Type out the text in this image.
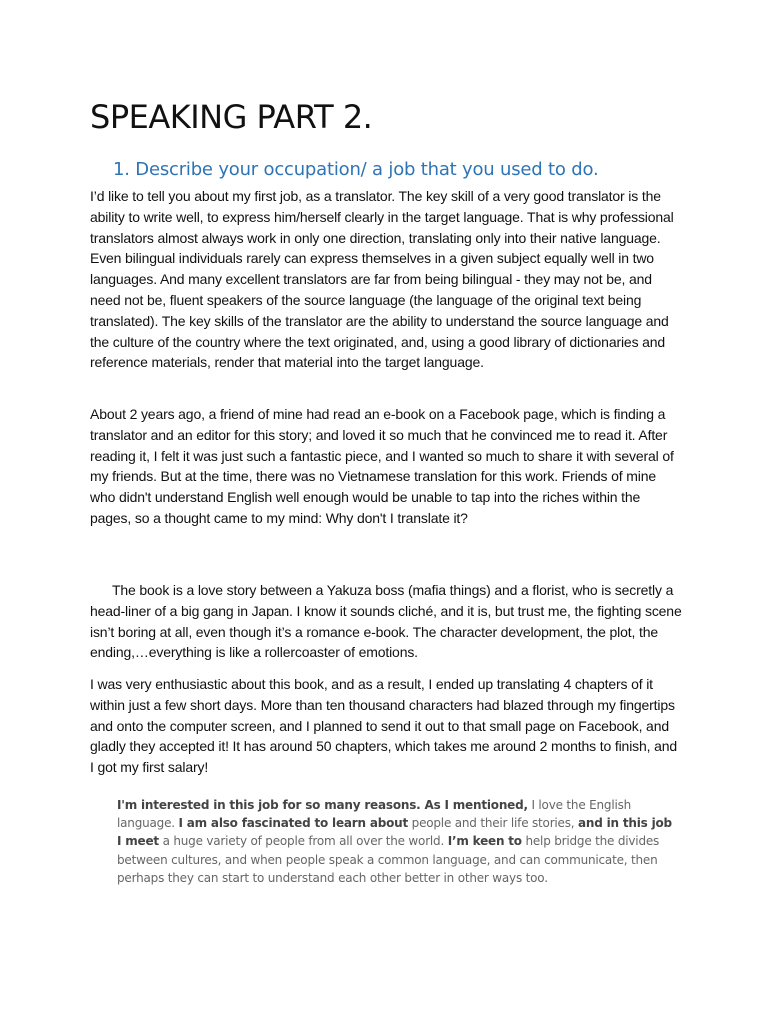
SPEAKING PART 2.
1. Describe your occupation/ a job that you used to do.

I’d like to tell you about my first job, as a translator. The key skill of a very good translator is the ability to write well, to express him/herself clearly in the target language. That is why professional translators almost always work in only one direction, translating only into their native language. Even bilingual individuals rarely can express themselves in a given subject equally well in two languages. And many excellent translators are far from being bilingual - they may not be, and need not be, fluent speakers of the source language (the language of the original text being translated). The key skills of the translator are the ability to understand the source language and the culture of the country where the text originated, and, using a good library of dictionaries and reference materials, render that material into the target language.

About 2 years ago, a friend of mine had read an e-book on a Facebook page, which is finding a translator and an editor for this story; and loved it so much that he convinced me to read it. After reading it, I felt it was just such a fantastic piece, and I wanted so much to share it with several of my friends. But at the time, there was no Vietnamese translation for this work. Friends of mine who didn't understand English well enough would be unable to tap into the riches within the pages, so a thought came to my mind: Why don't I translate it?

The book is a love story between a Yakuza boss (mafia things) and a florist, who is secretly a head-liner of a big gang in Japan. I know it sounds cliché, and it is, but trust me, the fighting scene isn’t boring at all, even though it’s a romance e-book. The character development, the plot, the ending,…everything is like a rollercoaster of emotions.

I was very enthusiastic about this book, and as a result, I ended up translating 4 chapters of it within just a few short days. More than ten thousand characters had blazed through my fingertips and onto the computer screen, and I planned to send it out to that small page on Facebook, and gladly they accepted it! It has around 50 chapters, which takes me around 2 months to finish, and I got my first salary!

I'm interested in this job for so many reasons. As I mentioned, I love the English language. I am also fascinated to learn about people and their life stories, and in this job I meet a huge variety of people from all over the world. I’m keen to help bridge the divides between cultures, and when people speak a common language, and can communicate, then perhaps they can start to understand each other better in other ways too.
